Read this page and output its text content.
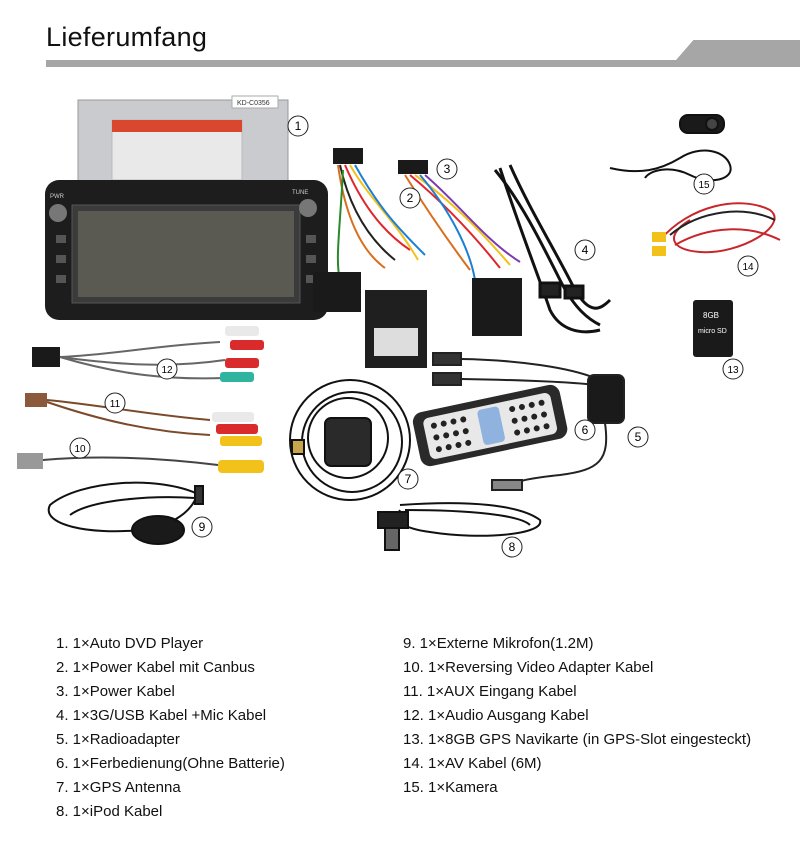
Lieferumfang
KD-C0356
PWR
TUNE
8GB
micro SD
1
2
3
4
5
6
7
8
9
10
11
12	13
14
15
1. 1×Auto DVD Player
2. 1×Power Kabel mit Canbus
3. 1×Power Kabel
4. 1×3G/USB Kabel +Mic Kabel
5. 1×Radioadapter
6. 1×Ferbedienung(Ohne Batterie)
7. 1×GPS Antenna
8. 1×iPod Kabel
9. 1×Externe Mikrofon(1.2M)
10. 1×Reversing Video Adapter Kabel
11. 1×AUX Eingang Kabel
12. 1×Audio Ausgang Kabel
13. 1×8GB GPS Navikarte (in GPS-Slot eingesteckt)
14. 1×AV Kabel (6M)
15. 1×Kamera
